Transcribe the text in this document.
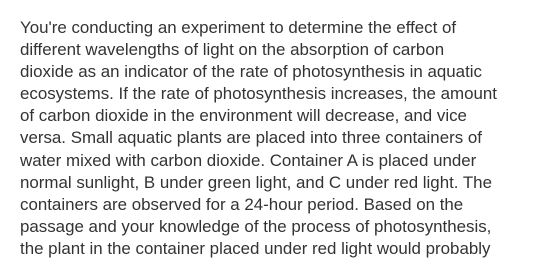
You're conducting an experiment to determine the effect of
different wavelengths of light on the absorption of carbon
dioxide as an indicator of the rate of photosynthesis in aquatic
ecosystems. If the rate of photosynthesis increases, the amount
of carbon dioxide in the environment will decrease, and vice
versa. Small aquatic plants are placed into three containers of
water mixed with carbon dioxide. Container A is placed under
normal sunlight, B under green light, and C under red light. The
containers are observed for a 24-hour period. Based on the
passage and your knowledge of the process of photosynthesis,
the plant in the container placed under red light would probably
